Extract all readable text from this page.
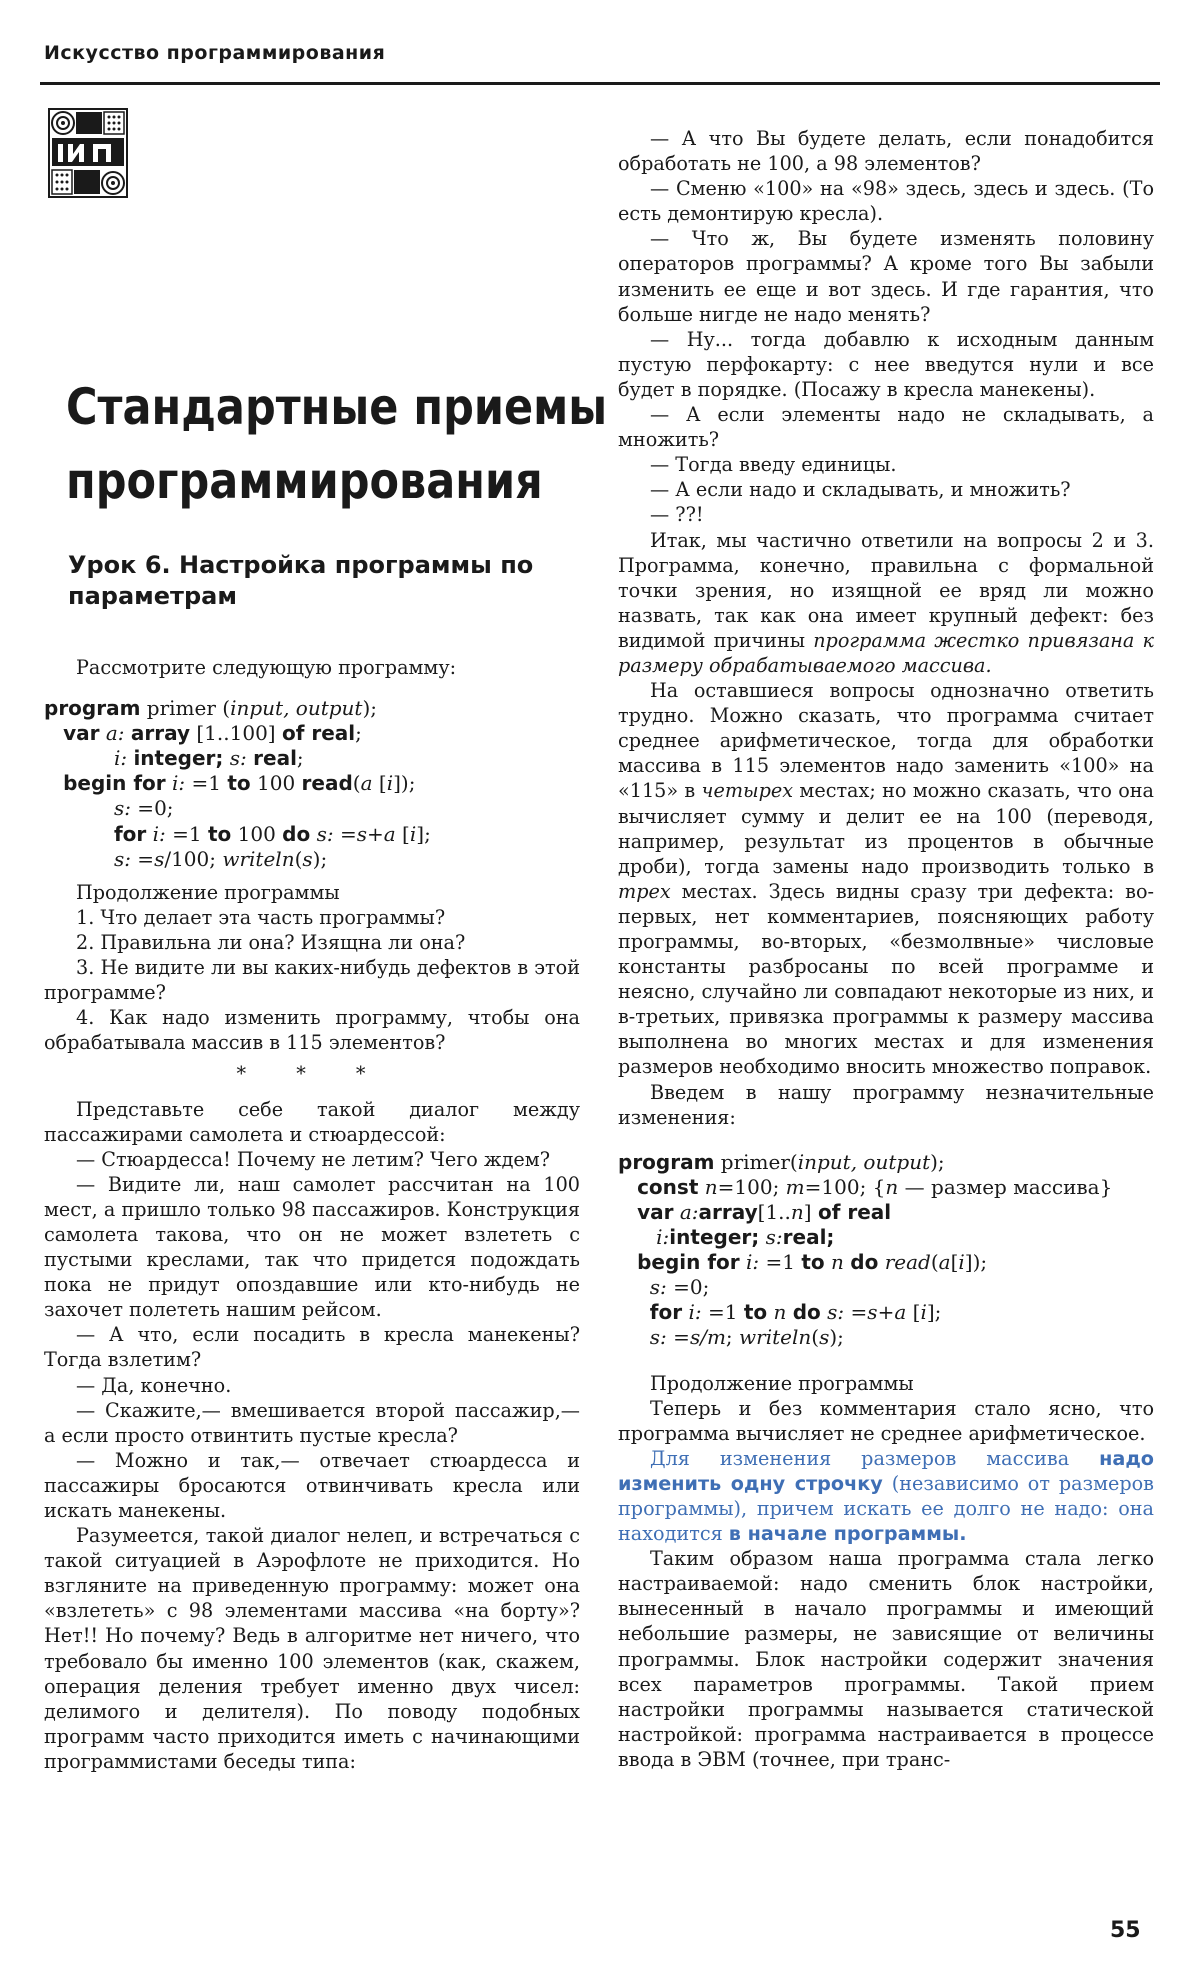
Искусство программирования
Стандартные приемы
программирования
Урок 6. Настройка программы по параметрам

Рассмотрите следующую программу:

program primer (input, output);
var a: array [1..100] of real;
i: integer; s: real;
begin for i: =1 to 100 read(a [i]);
s: =0;
for i: =1 to 100 do s: =s+a [i];
s: =s/100; writeln(s);

Продолжение программы

1. Что делает эта часть программы?

2. Правильна ли она? Изящна ли она?

3. Не видите ли вы каких-нибудь дефектов в этой программе?

4. Как надо изменить программу, чтобы она обрабатывала массив в 115 элементов?

* * *

Представьте себе такой диалог между пассажирами самолета и стюардессой:

— Стюардесса! Почему не летим? Чего ждем?

— Видите ли, наш самолет рассчитан на 100 мест, а пришло только 98 пассажиров. Конструкция самолета такова, что он не может взлететь с пустыми креслами, так что придется подождать пока не придут опоздавшие или кто-нибудь не захочет полететь нашим рейсом.

— А что, если посадить в кресла манекены? Тогда взлетим?

— Да, конечно.

— Скажите,— вмешивается второй пассажир,— а если просто отвинтить пустые кресла?

— Можно и так,— отвечает стюардесса и пассажиры бросаются отвинчивать кресла или искать манекены.

Разумеется, такой диалог нелеп, и встречаться с такой ситуацией в Аэрофлоте не приходится. Но взгляните на приведенную программу: может она «взлететь» с 98 элементами массива «на борту»? Нет!! Но почему? Ведь в алгоритме нет ничего, что требовало бы именно 100 элементов (как, скажем, операция деления требует именно двух чисел: делимого и делителя). По поводу подобных программ часто приходится иметь с начинающими программистами беседы типа:

— А что Вы будете делать, если понадобится обработать не 100, а 98 элементов?

— Сменю «100» на «98» здесь, здесь и здесь. (То есть демонтирую кресла).

— Что ж, Вы будете изменять половину операторов программы? А кроме того Вы забыли изменить ее еще и вот здесь. И где гарантия, что больше нигде не надо менять?

— Ну... тогда добавлю к исходным данным пустую перфокарту: с нее введутся нули и все будет в порядке. (Посажу в кресла манекены).

— А если элементы надо не складывать, а множить?

— Тогда введу единицы.

— А если надо и складывать, и множить?

— ??!

Итак, мы частично ответили на вопросы 2 и 3. Программа, конечно, правильна с формальной точки зрения, но изящной ее вряд ли можно назвать, так как она имеет крупный дефект: без видимой причины программа жестко привязана к размеру обрабатываемого массива.

На оставшиеся вопросы однозначно ответить трудно. Можно сказать, что программа считает среднее арифметическое, тогда для обработки массива в 115 элементов надо заменить «100» на «115» в четырех местах; но можно сказать, что она вычисляет сумму и делит ее на 100 (переводя, например, результат из процентов в обычные дроби), тогда замены надо производить только в трех местах. Здесь видны сразу три дефекта: во-первых, нет комментариев, поясняющих работу программы, во-вторых, «безмолвные» числовые константы разбросаны по всей программе и неясно, случайно ли совпадают некоторые из них, и в-третьих, привязка программы к размеру массива выполнена во многих местах и для изменения размеров необходимо вносить множество поправок.

Введем в нашу программу незначительные изменения:

program primer(input, output);
const n=100; m=100; {n — размер массива}
var a:array[1..n] of real
i:integer; s:real;
begin for i: =1 to n do read(a[i]);
s: =0;
for i: =1 to n do s: =s+a [i];
s: =s/m; writeln(s);

Продолжение программы

Теперь и без комментария стало ясно, что программа вычисляет не среднее арифметическое.

Для изменения размеров массива надо изменить одну строчку (независимо от размеров программы), причем искать ее долго не надо: она находится в начале программы.

Таким образом наша программа стала легко настраиваемой: надо сменить блок настройки, вынесенный в начало программы и имеющий небольшие размеры, не зависящие от величины программы. Блок настройки содержит значения всех параметров программы. Такой прием настройки программы называется статической настройкой: программа настраивается в процессе ввода в ЭВМ (точнее, при транс-

55
